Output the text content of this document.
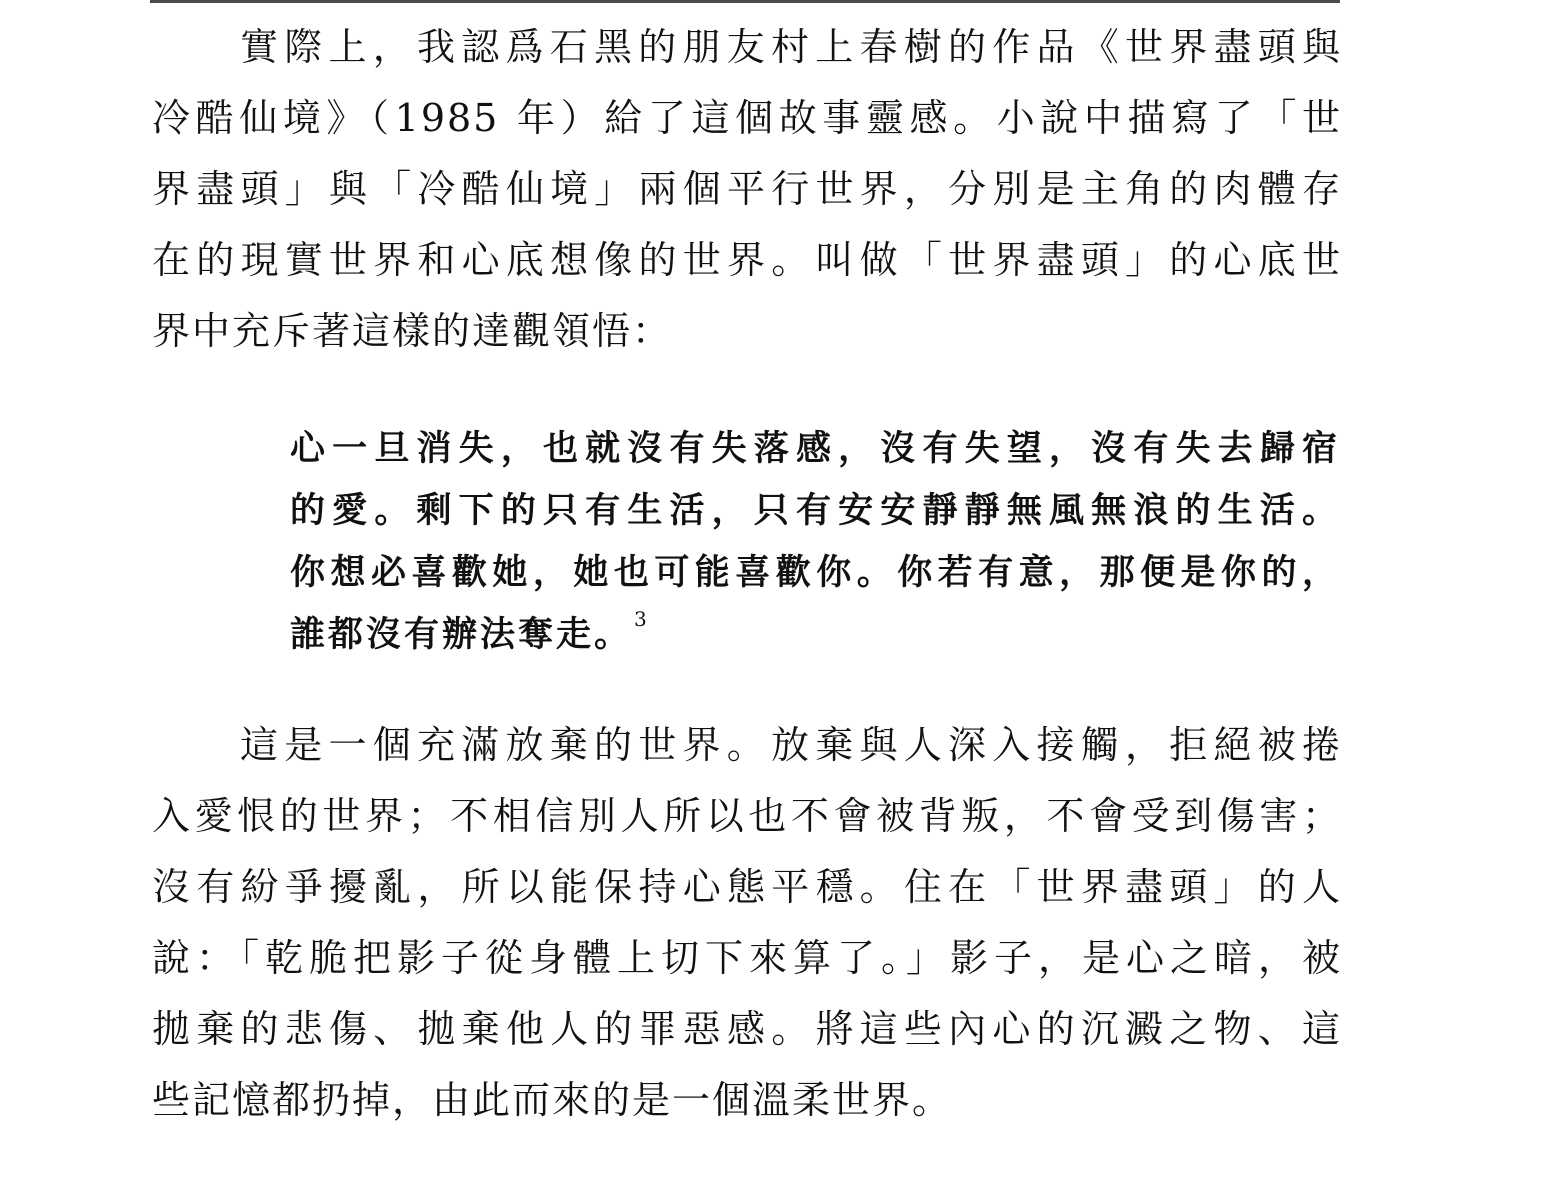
實際上，我認爲石黑的朋友村上春樹的作品《世界盡頭與
冷酷仙境》（1985 年）給了這個故事靈感。小說中描寫了「世
界盡頭」與「冷酷仙境」兩個平行世界，分別是主角的肉體存
在的現實世界和心底想像的世界。叫做「世界盡頭」的心底世
界中充斥著這樣的達觀領悟：
心一旦消失，也就沒有失落感，沒有失望，沒有失去歸宿
的愛。剩下的只有生活，只有安安靜靜無風無浪的生活。
你想必喜歡她，她也可能喜歡你。你若有意，那便是你的，
誰都沒有辦法奪走。 $^3$
這是一個充滿放棄的世界。放棄與人深入接觸，拒絕被捲
入愛恨的世界；不相信別人所以也不會被背叛，不會受到傷害；
沒有紛爭擾亂，所以能保持心態平穩。住在「世界盡頭」的人
說：「乾脆把影子從身體上切下來算了。」影子，是心之暗，被
拋棄的悲傷、拋棄他人的罪惡感。將這些內心的沉澱之物、這
些記憶都扔掉，由此而來的是一個溫柔世界。
